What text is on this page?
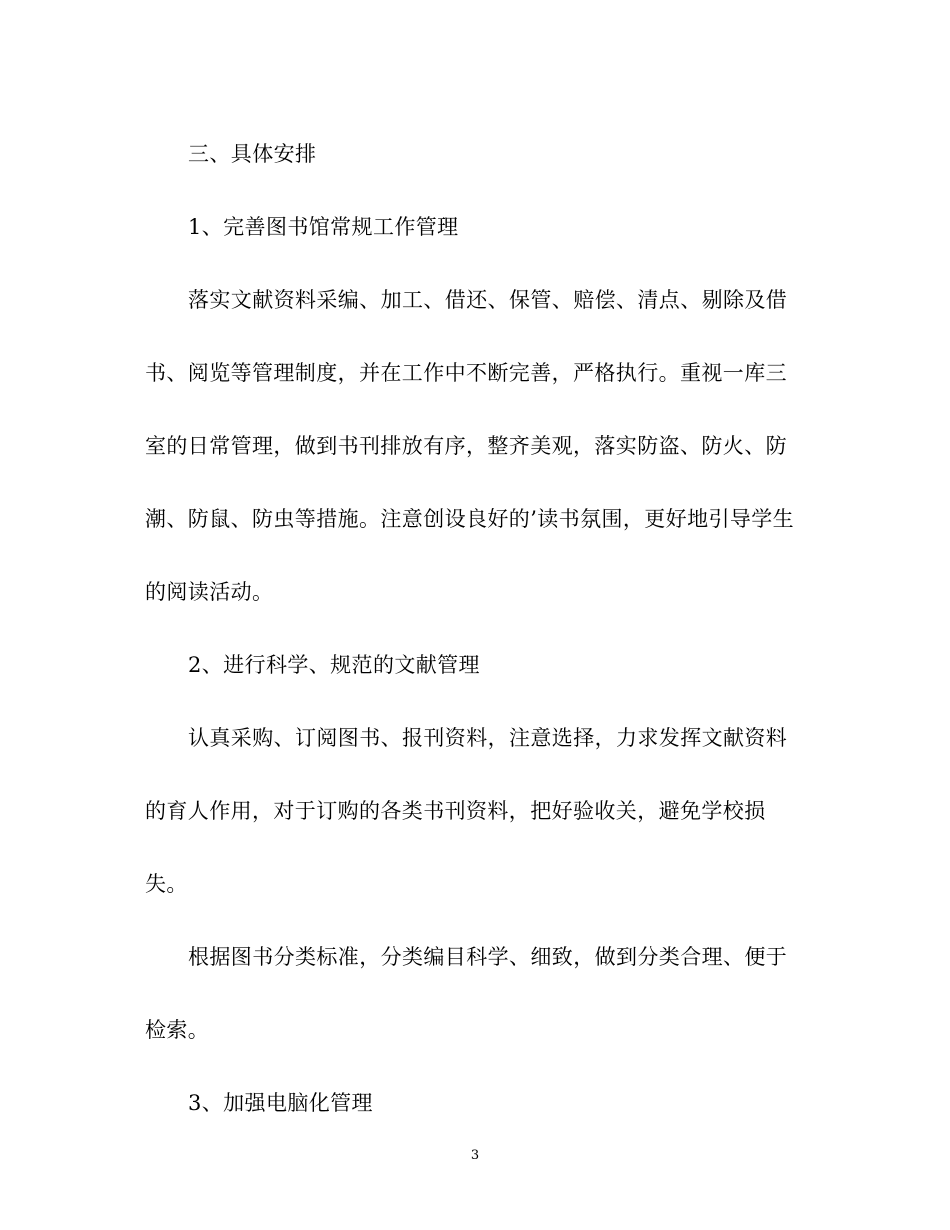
三、具体安排
1、完善图书馆常规工作管理
落实文献资料采编、加工、借还、保管、赔偿、清点、剔除及借
书、阅览等管理制度，并在工作中不断完善，严格执行。重视一库三
室的日常管理，做到书刊排放有序，整齐美观，落实防盗、防火、防
潮、防鼠、防虫等措施。注意创设良好的’读书氛围，更好地引导学生
的阅读活动。
2、进行科学、规范的文献管理
认真采购、订阅图书、报刊资料，注意选择，力求发挥文献资料
的育人作用，对于订购的各类书刊资料，把好验收关，避免学校损
失。
根据图书分类标准，分类编目科学、细致，做到分类合理、便于
检索。
3、加强电脑化管理
3
